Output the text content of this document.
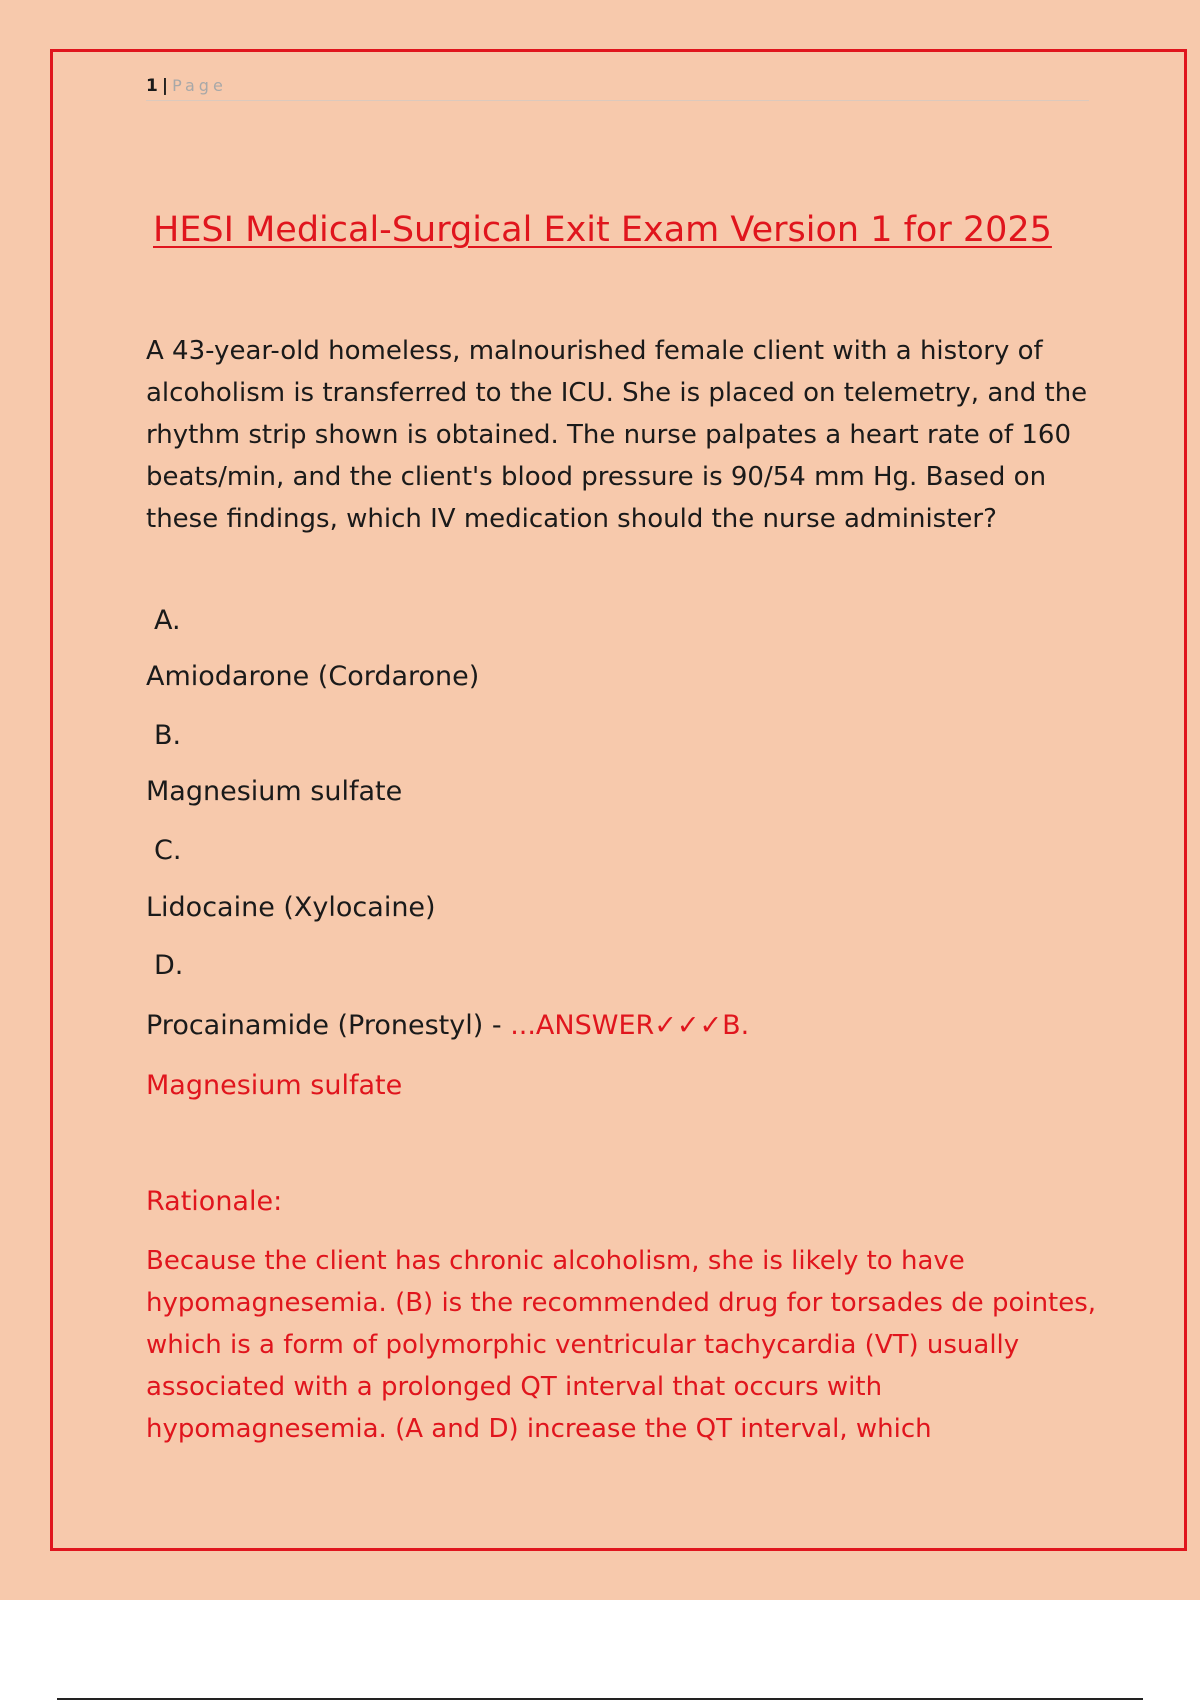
1 | Page
HESI Medical-Surgical Exit Exam Version 1 for 2025

A 43-year-old homeless, malnourished female client with a history of alcoholism is transferred to the ICU. She is placed on telemetry, and the rhythm strip shown is obtained. The nurse palpates a heart rate of 160 beats/min, and the client's blood pressure is 90/54 mm Hg. Based on these findings, which IV medication should the nurse administer?

A.

Amiodarone (Cordarone)

B.

Magnesium sulfate

C.

Lidocaine (Xylocaine)

D.

Procainamide (Pronestyl) - ...ANSWER✓✓✓B.

Magnesium sulfate

Rationale:

Because the client has chronic alcoholism, she is likely to have hypomagnesemia. (B) is the recommended drug for torsades de pointes, which is a form of polymorphic ventricular tachycardia (VT) usually associated with a prolonged QT interval that occurs with hypomagnesemia. (A and D) increase the QT interval, which
